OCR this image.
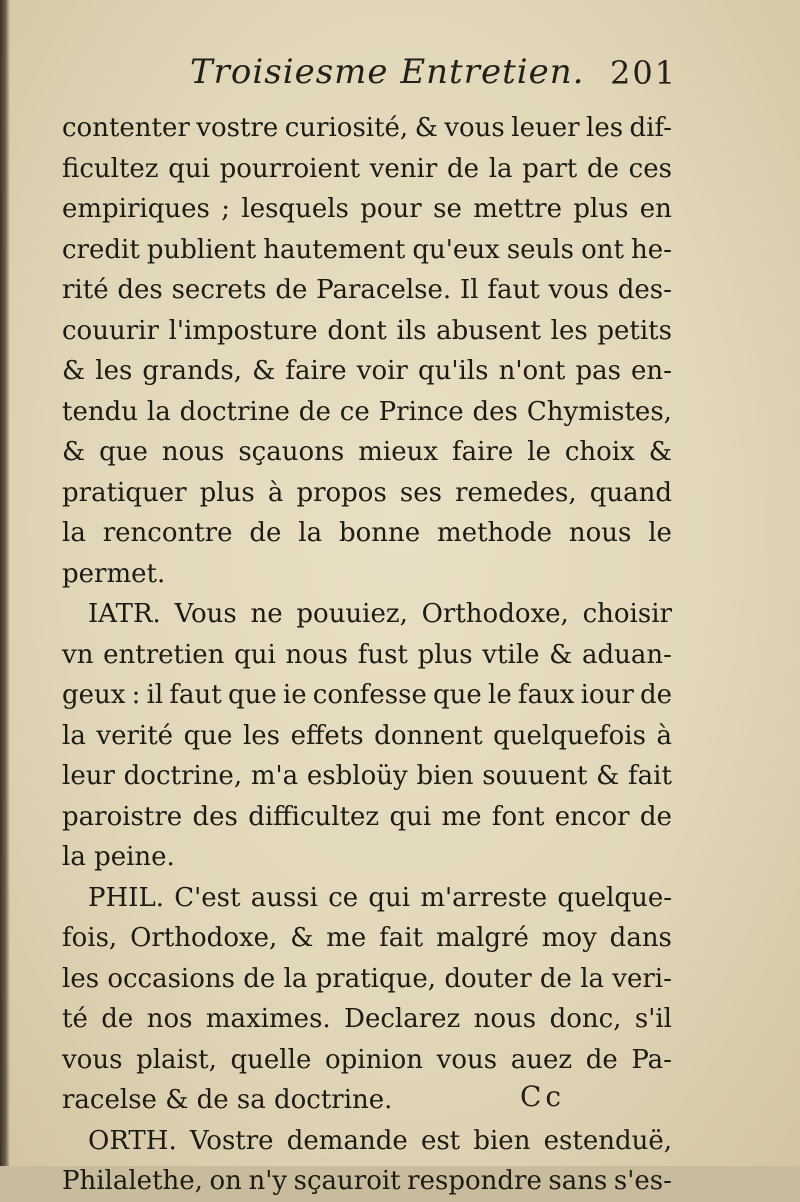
Troisiesme Entretien. 201
contenter vostre curiosité, & vous leuer les dif-
ficultez qui pourroient venir de la part de ces
empiriques ; lesquels pour se mettre plus en
credit publient hautement qu'eux seuls ont he-
rité des secrets de Paracelse. Il faut vous des-
couurir l'imposture dont ils abusent les petits
& les grands, & faire voir qu'ils n'ont pas en-
tendu la doctrine de ce Prince des Chymistes,
& que nous sçauons mieux faire le choix &
pratiquer plus à propos ses remedes, quand
la rencontre de la bonne methode nous le
permet.
IATR. Vous ne pouuiez, Orthodoxe, choisir
vn entretien qui nous fust plus vtile & aduan-
geux : il faut que ie confesse que le faux iour de
la verité que les effets donnent quelquefois à
leur doctrine, m'a esbloüy bien souuent & fait
paroistre des difficultez qui me font encor de
la peine.
PHIL. C'est aussi ce qui m'arreste quelque-
fois, Orthodoxe, & me fait malgré moy dans
les occasions de la pratique, douter de la veri-
té de nos maximes. Declarez nous donc, s'il
vous plaist, quelle opinion vous auez de Pa-
racelse & de sa doctrine.
ORTH. Vostre demande est bien estenduë,
Philalethe, on n'y sçauroit respondre sans s'es-
Cc
